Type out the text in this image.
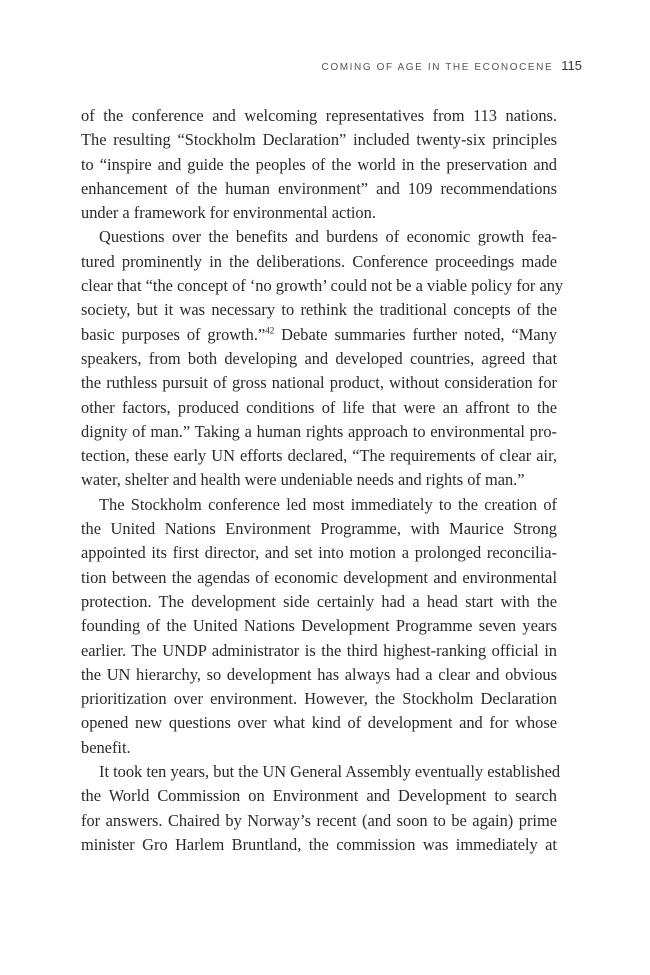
COMING OF AGE IN THE ECONOCENE 115
of the conference and welcoming representatives from 113 nations.
The resulting “Stockholm Declaration” included twenty-six principles
to “inspire and guide the peoples of the world in the preservation and
enhancement of the human environment” and 109 recommendations
under a framework for environmental action.
Questions over the benefits and burdens of economic growth fea-
tured prominently in the deliberations. Conference proceedings made
clear that “the concept of ‘no growth’ could not be a viable policy for any
society, but it was necessary to rethink the traditional concepts of the
basic purposes of growth.”$^{42}$ Debate summaries further noted, “Many
speakers, from both developing and developed countries, agreed that
the ruthless pursuit of gross national product, without consideration for
other factors, produced conditions of life that were an affront to the
dignity of man.” Taking a human rights approach to environmental pro-
tection, these early UN efforts declared, “The requirements of clear air,
water, shelter and health were undeniable needs and rights of man.”
The Stockholm conference led most immediately to the creation of
the United Nations Environment Programme, with Maurice Strong
appointed its first director, and set into motion a prolonged reconcilia-
tion between the agendas of economic development and environmental
protection. The development side certainly had a head start with the
founding of the United Nations Development Programme seven years
earlier. The UNDP administrator is the third highest-ranking official in
the UN hierarchy, so development has always had a clear and obvious
prioritization over environment. However, the Stockholm Declaration
opened new questions over what kind of development and for whose
benefit.
It took ten years, but the UN General Assembly eventually established
the World Commission on Environment and Development to search
for answers. Chaired by Norway’s recent (and soon to be again) prime
minister Gro Harlem Bruntland, the commission was immediately at
